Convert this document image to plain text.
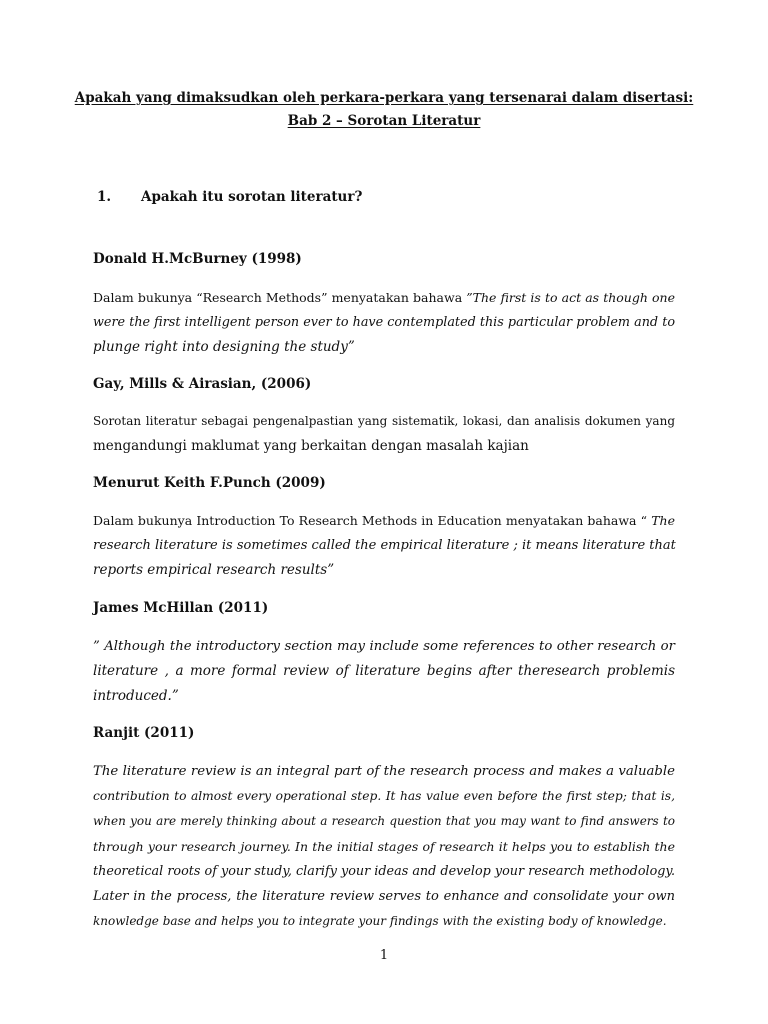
Apakah yang dimaksudkan oleh perkara-perkara yang tersenarai dalam disertasi:
Bab 2 – Sorotan Literatur
1. Apakah itu sorotan literatur?
Donald H.McBurney (1998)
Dalam bukunya “Research Methods” menyatakan bahawa ”The first is to act as though one
were the first intelligent person ever to have contemplated this particular problem and to
plunge right into designing the study”
Gay, Mills & Airasian, (2006)
Sorotan literatur sebagai pengenalpastian yang sistematik, lokasi, dan analisis dokumen yang
mengandungi maklumat yang berkaitan dengan masalah kajian
Menurut Keith F.Punch (2009)
Dalam bukunya Introduction To Research Methods in Education menyatakan bahawa “ The
research literature is sometimes called the empirical literature ; it means literature that
reports empirical research results”
James McHillan (2011)
” Although the introductory section may include some references to other research or
literature , a more formal review of literature begins after theresearch problemis
introduced.”
Ranjit (2011)
The literature review is an integral part of the research process and makes a valuable
contribution to almost every operational step. It has value even before the first step; that is,
when you are merely thinking about a research question that you may want to find answers to
through your research journey. In the initial stages of research it helps you to establish the
theoretical roots of your study, clarify your ideas and develop your research methodology.
Later in the process, the literature review serves to enhance and consolidate your own
knowledge base and helps you to integrate your findings with the existing body of knowledge.
1
